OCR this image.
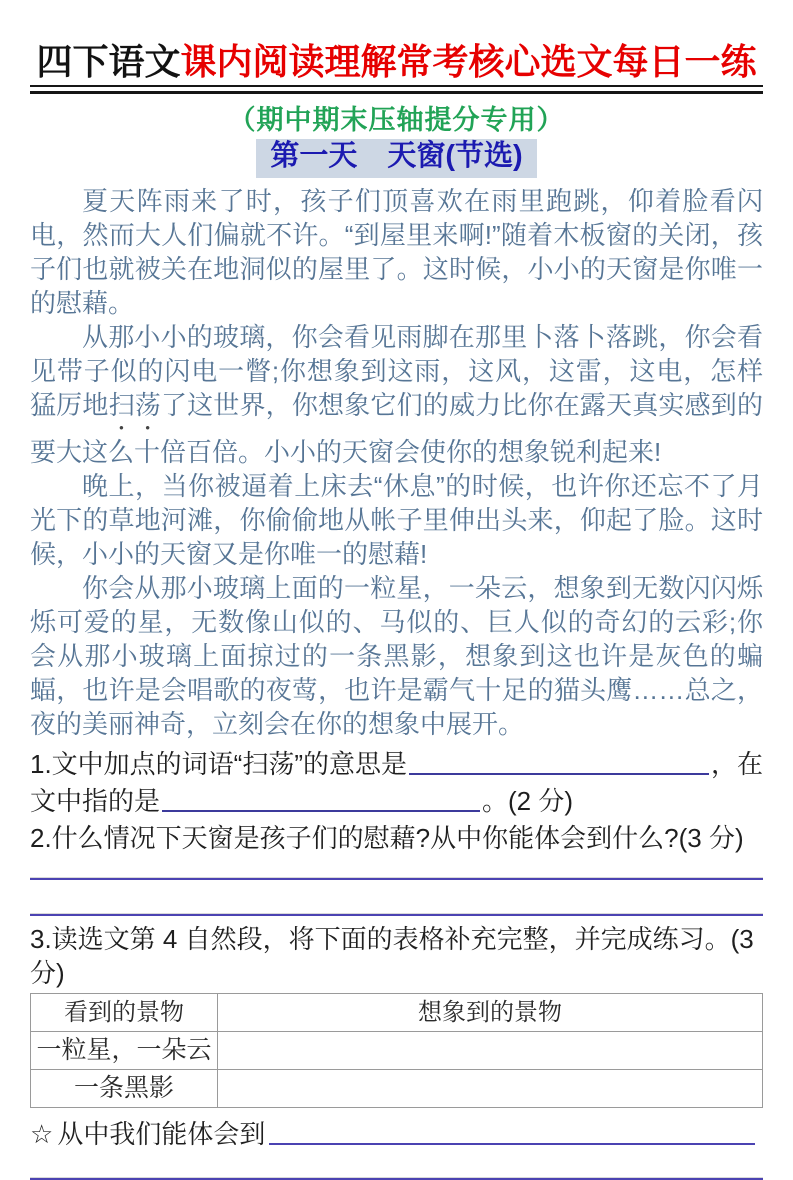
四下语文课内阅读理解常考核心选文每日一练
（期中期末压轴提分专用）
第一天 天窗(节选)

夏天阵雨来了时，孩子们顶喜欢在雨里跑跳，仰着脸看闪电，然而大人们偏就不许。“到屋里来啊!”随着木板窗的关闭，孩子们也就被关在地洞似的屋里了。这时候，小小的天窗是你唯一的慰藉。

从那小小的玻璃，你会看见雨脚在那里卜落卜落跳，你会看见带子似的闪电一瞥;你想象到这雨，这风，这雷，这电，怎样猛厉地扫荡了这世界，你想象它们的威力比你在露天真实感到的要大这么十倍百倍。小小的天窗会使你的想象锐利起来!

晚上，当你被逼着上床去“休息”的时候，也许你还忘不了月光下的草地河滩，你偷偷地从帐子里伸出头来，仰起了脸。这时候，小小的天窗又是你唯一的慰藉!

你会从那小玻璃上面的一粒星，一朵云，想象到无数闪闪烁烁可爱的星，无数像山似的、马似的、巨人似的奇幻的云彩;你会从那小玻璃上面掠过的一条黑影，想象到这也许是灰色的蝙蝠，也许是会唱歌的夜莺，也许是霸气十足的猫头鹰……总之，夜的美丽神奇，立刻会在你的想象中展开。

1.文中加点的词语“扫荡”的意思是	，在
文中指的是	。(2 分)
2.什么情况下天窗是孩子们的慰藉?从中你能体会到什么?(3 分)
3.读选文第 4 自然段，将下面的表格补充完整，并完成练习。(3 分)
看到的景物	想象到的景物
一粒星，一朵云	
一条黑影	
☆ 从中我们能体会到
